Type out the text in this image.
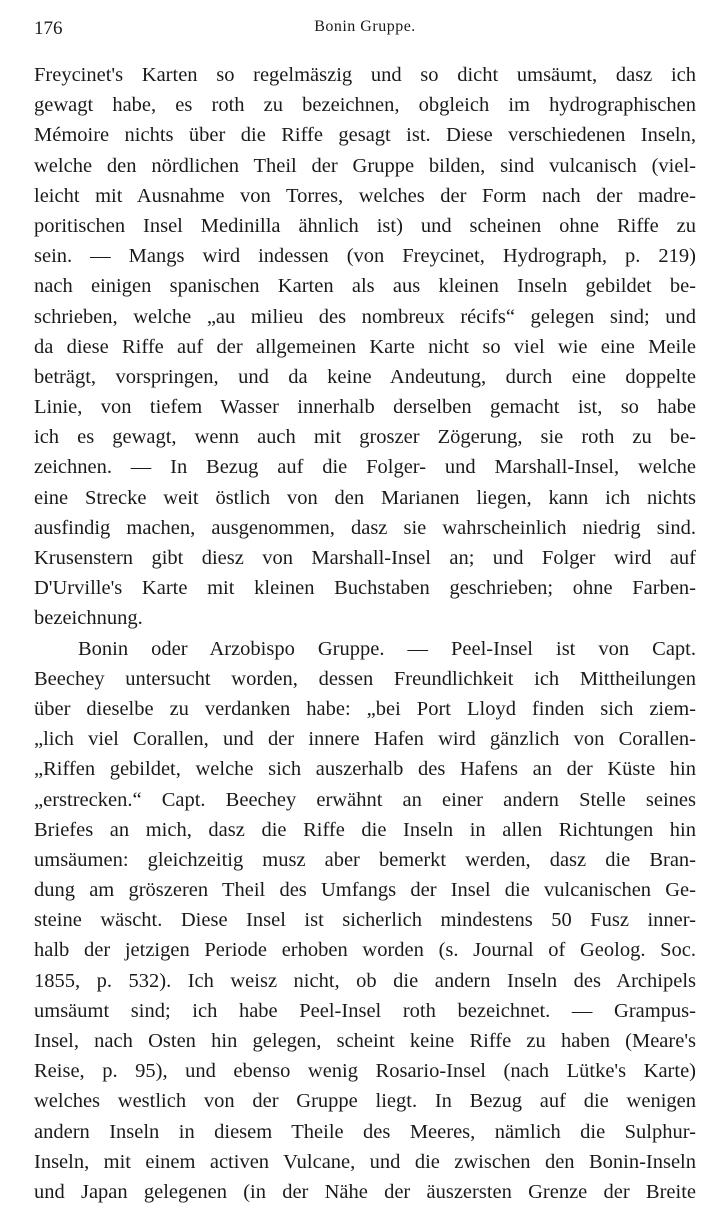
176	Bonin Gruppe.
Freycinet's Karten so regelmäszig und so dicht umsäumt, dasz ich
gewagt habe, es roth zu bezeichnen, obgleich im hydrographischen
Mémoire nichts über die Riffe gesagt ist. Diese verschiedenen Inseln,
welche den nördlichen Theil der Gruppe bilden, sind vulcanisch (viel-
leicht mit Ausnahme von Torres, welches der Form nach der madre-
poritischen Insel Medinilla ähnlich ist) und scheinen ohne Riffe zu
sein. — Mangs wird indessen (von Freycinet, Hydrograph, p. 219)
nach einigen spanischen Karten als aus kleinen Inseln gebildet be-
schrieben, welche „au milieu des nombreux récifs“ gelegen sind; und
da diese Riffe auf der allgemeinen Karte nicht so viel wie eine Meile
beträgt, vorspringen, und da keine Andeutung, durch eine doppelte
Linie, von tiefem Wasser innerhalb derselben gemacht ist, so habe
ich es gewagt, wenn auch mit groszer Zögerung, sie roth zu be-
zeichnen. — In Bezug auf die Folger- und Marshall-Insel, welche
eine Strecke weit östlich von den Marianen liegen, kann ich nichts
ausfindig machen, ausgenommen, dasz sie wahrscheinlich niedrig sind.
Krusenstern gibt diesz von Marshall-Insel an; und Folger wird auf
D'Urville's Karte mit kleinen Buchstaben geschrieben; ohne Farben-
bezeichnung.
Bonin oder Arzobispo Gruppe. — Peel-Insel ist von Capt.
Beechey untersucht worden, dessen Freundlichkeit ich Mittheilungen
über dieselbe zu verdanken habe: „bei Port Lloyd finden sich ziem-
„lich viel Corallen, und der innere Hafen wird gänzlich von Corallen-
„Riffen gebildet, welche sich auszerhalb des Hafens an der Küste hin
„erstrecken.“ Capt. Beechey erwähnt an einer andern Stelle seines
Briefes an mich, dasz die Riffe die Inseln in allen Richtungen hin
umsäumen: gleichzeitig musz aber bemerkt werden, dasz die Bran-
dung am gröszeren Theil des Umfangs der Insel die vulcanischen Ge-
steine wäscht. Diese Insel ist sicherlich mindestens 50 Fusz inner-
halb der jetzigen Periode erhoben worden (s. Journal of Geolog. Soc.
1855, p. 532). Ich weisz nicht, ob die andern Inseln des Archipels
umsäumt sind; ich habe Peel-Insel roth bezeichnet. — Grampus-
Insel, nach Osten hin gelegen, scheint keine Riffe zu haben (Meare's
Reise, p. 95), und ebenso wenig Rosario-Insel (nach Lütke's Karte)
welches westlich von der Gruppe liegt. In Bezug auf die wenigen
andern Inseln in diesem Theile des Meeres, nämlich die Sulphur-
Inseln, mit einem activen Vulcane, und die zwischen den Bonin-Inseln
und Japan gelegenen (in der Nähe der äuszersten Grenze der Breite
